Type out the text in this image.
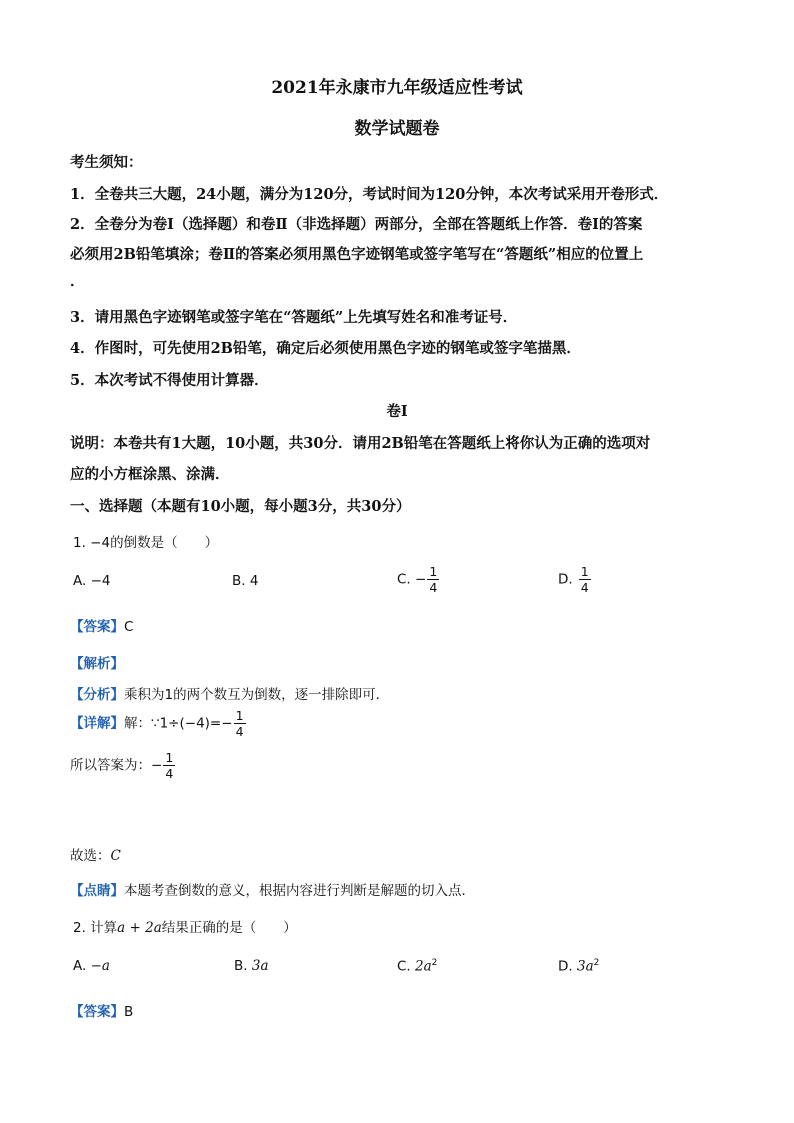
2021年永康市九年级适应性考试
数学试题卷
考生须知：
1．全卷共三大题，24小题，满分为120分，考试时间为120分钟，本次考试采用开卷形式．
2．全卷分为卷Ⅰ（选择题）和卷Ⅱ（非选择题）两部分，全部在答题纸上作答．卷Ⅰ的答案
必须用2B铅笔填涂；卷Ⅱ的答案必须用黑色字迹钢笔或签字笔写在“答题纸”相应的位置上
．
3．请用黑色字迹钢笔或签字笔在“答题纸”上先填写姓名和准考证号．
4．作图时，可先使用2B铅笔，确定后必须使用黑色字迹的钢笔或签字笔描黑．
5．本次考试不得使用计算器．
卷Ⅰ
说明：本卷共有1大题，10小题，共30分．请用2B铅笔在答题纸上将你认为正确的选项对
应的小方框涂黑、涂满．
一、选择题（本题有10小题，每小题3分，共30分）
1. −4的倒数是（　　）
A. −4	B. 4	C. − $\frac{1}{4}$	D. $\frac{1}{4}$
【答案】C
【解析】
【分析】乘积为1的两个数互为倒数，逐一排除即可．
【详解】解：∵1÷(−4)=− $\frac{1}{4}$
所以答案为：− $\frac{1}{4}$
故选：C
【点睛】本题考查倒数的意义，根据内容进行判断是解题的切入点．
2. 计算a + 2a结果正确的是（　　）
A. −a	B. 3a	C. $2a^2$	D. $3a^2$
【答案】B
